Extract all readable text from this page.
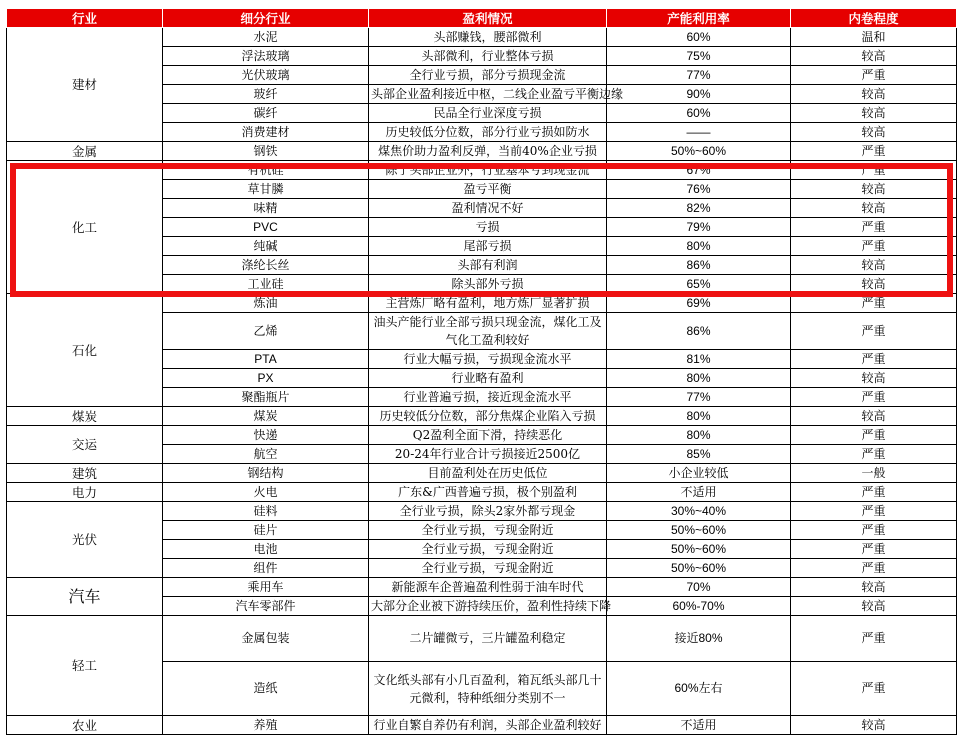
行业	细分行业	盈利情况	产能利用率	内卷程度
建材	水泥	头部赚钱，腰部微利	60%	温和
	浮法玻璃	头部微利，行业整体亏损	75%	较高
	光伏玻璃	全行业亏损，部分亏损现金流	77%	严重
	玻纤	头部企业盈利接近中枢，二线企业盈亏平衡边缘	90%	较高
	碳纤	民品全行业深度亏损	60%	较高
	消费建材	历史较低分位数，部分行业亏损如防水	——	较高
金属	钢铁	煤焦价助力盈利反弹，当前40%企业亏损	50%~60%	严重
化工	有机硅	除了头部企业外，行业基本亏到现金流	67%	严重
	草甘膦	盈亏平衡	76%	较高
	味精	盈利情况不好	82%	较高
	PVC	亏损	79%	严重
	纯碱	尾部亏损	80%	严重
	涤纶长丝	头部有利润	86%	较高
	工业硅	除头部外亏损	65%	较高
石化	炼油	主营炼厂略有盈利，地方炼厂显著扩损	69%	严重
	乙烯	油头产能行业全部亏损只现金流，煤化工及气化工盈利较好	86%	严重
	PTA	行业大幅亏损，亏损现金流水平	81%	严重
	PX	行业略有盈利	80%	较高
	聚酯瓶片	行业普遍亏损，接近现金流水平	77%	严重
煤炭	煤炭	历史较低分位数，部分焦煤企业陷入亏损	80%	较高
交运	快递	Q2盈利全面下滑，持续恶化	80%	严重
	航空	20-24年行业合计亏损接近2500亿	85%	严重
建筑	钢结构	目前盈利处在历史低位	小企业较低	一般
电力	火电	广东&广西普遍亏损，极个别盈利	不适用	严重
光伏	硅料	全行业亏损，除头2家外都亏现金	30%~40%	严重
	硅片	全行业亏损，亏现金附近	50%~60%	严重
	电池	全行业亏损，亏现金附近	50%~60%	严重
	组件	全行业亏损，亏现金附近	50%~60%	严重
汽车	乘用车	新能源车企普遍盈利性弱于油车时代	70%	较高
	汽车零部件	大部分企业被下游持续压价，盈利性持续下降	60%-70%	较高
轻工	金属包装	二片罐微亏，三片罐盈利稳定	接近80%	严重
	造纸	文化纸头部有小几百盈利，箱瓦纸头部几十元微利，特种纸细分类别不一	60%左右	严重
农业	养殖	行业自繁自养仍有利润，头部企业盈利较好	不适用	较高
